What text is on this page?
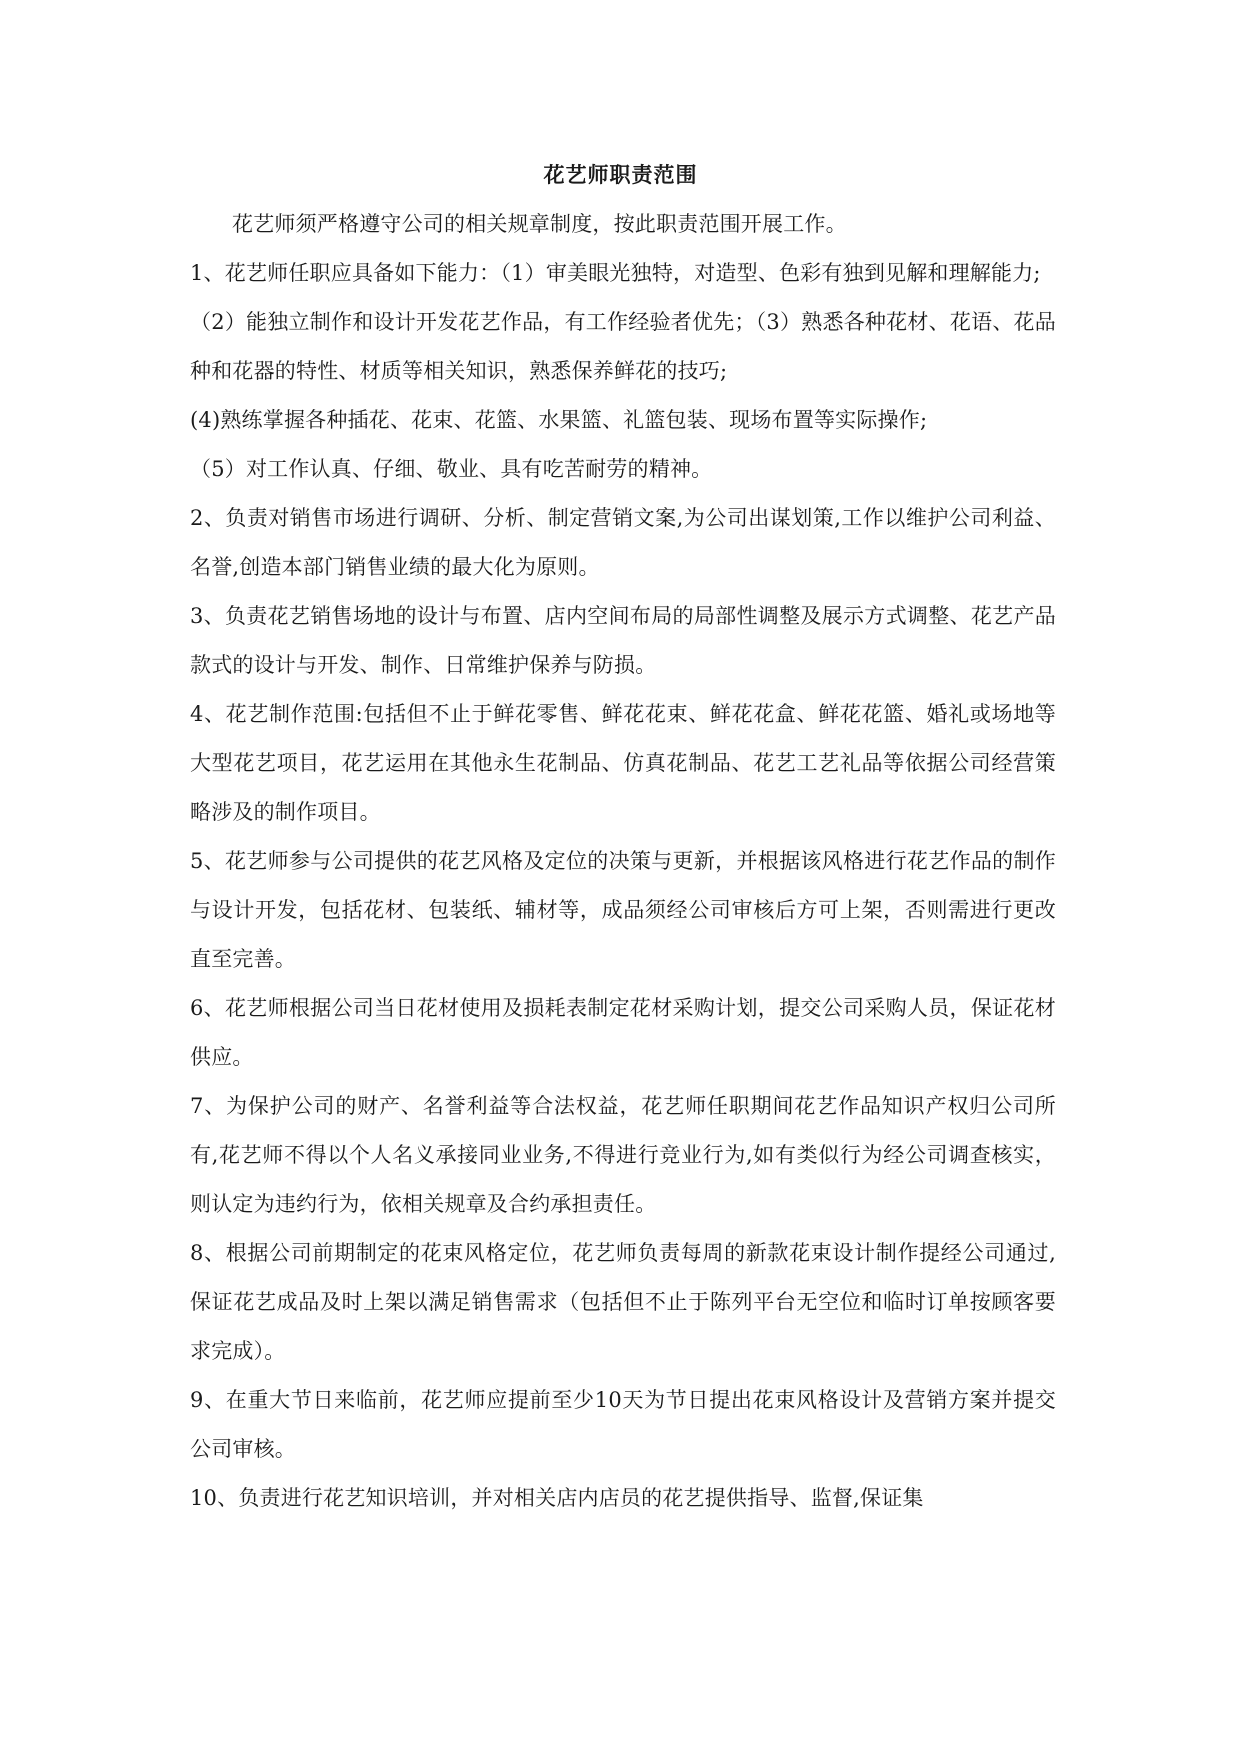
花艺师职责范围

花艺师须严格遵守公司的相关规章制度，按此职责范围开展工作。

1、花艺师任职应具备如下能力：（1）审美眼光独特，对造型、色彩有独到见解和理解能力;

（2）能独立制作和设计开发花艺作品，有工作经验者优先；（3）熟悉各种花材、花语、花品种和花器的特性、材质等相关知识，熟悉保养鲜花的技巧;

(4)熟练掌握各种插花、花束、花篮、水果篮、礼篮包装、现场布置等实际操作;

（5）对工作认真、仔细、敬业、具有吃苦耐劳的精神。

2、负责对销售市场进行调研、分析、制定营销文案,为公司出谋划策,工作以维护公司利益、名誉,创造本部门销售业绩的最大化为原则。

3、负责花艺销售场地的设计与布置、店内空间布局的局部性调整及展示方式调整、花艺产品款式的设计与开发、制作、日常维护保养与防损。

4、花艺制作范围:包括但不止于鲜花零售、鲜花花束、鲜花花盒、鲜花花篮、婚礼或场地等大型花艺项目，花艺运用在其他永生花制品、仿真花制品、花艺工艺礼品等依据公司经营策略涉及的制作项目。

5、花艺师参与公司提供的花艺风格及定位的决策与更新，并根据该风格进行花艺作品的制作与设计开发，包括花材、包装纸、辅材等，成品须经公司审核后方可上架，否则需进行更改直至完善。

6、花艺师根据公司当日花材使用及损耗表制定花材采购计划，提交公司采购人员，保证花材供应。

7、为保护公司的财产、名誉利益等合法权益，花艺师任职期间花艺作品知识产权归公司所有,花艺师不得以个人名义承接同业业务,不得进行竞业行为,如有类似行为经公司调查核实，则认定为违约行为，依相关规章及合约承担责任。

8、根据公司前期制定的花束风格定位，花艺师负责每周的新款花束设计制作提经公司通过,保证花艺成品及时上架以满足销售需求（包括但不止于陈列平台无空位和临时订单按顾客要求完成）。

9、在重大节日来临前，花艺师应提前至少10天为节日提出花束风格设计及营销方案并提交公司审核。

10、负责进行花艺知识培训，并对相关店内店员的花艺提供指导、监督,保证集
